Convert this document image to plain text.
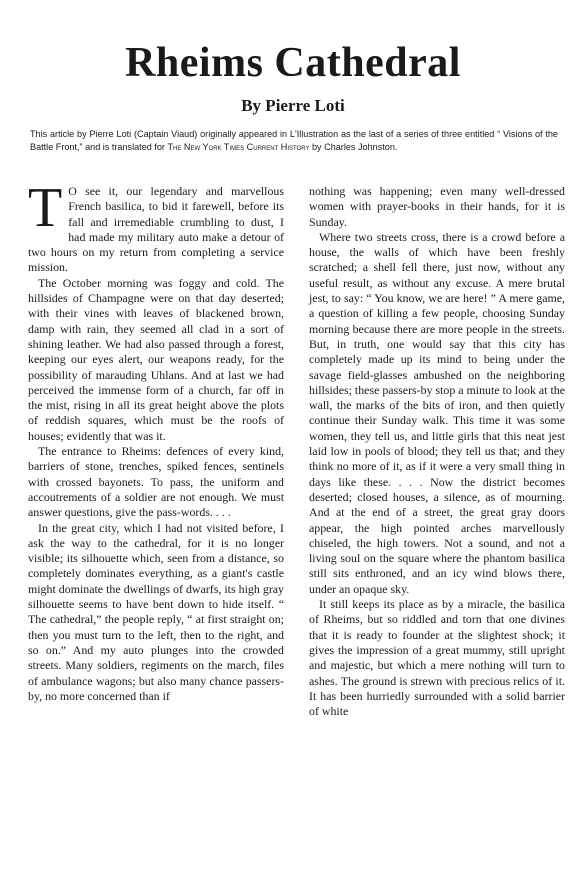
Rheims Cathedral
By Pierre Loti

This article by Pierre Loti (Captain Viaud) originally appeared in L'Illustration as the last of a series of three entitled “ Visions of the Battle Front,” and is translated for The New York Times Current History by Charles Johnston.

T O see it, our legendary and marvellous French basilica, to bid it farewell, before its fall and irremediable crumbling to dust, I had made my military auto make a detour of two hours on my return from completing a service mission.

The October morning was foggy and cold. The hillsides of Champagne were on that day deserted; with their vines with leaves of blackened brown, damp with rain, they seemed all clad in a sort of shining leather. We had also passed through a forest, keeping our eyes alert, our weapons ready, for the possibility of marauding Uhlans. And at last we had perceived the immense form of a church, far off in the mist, rising in all its great height above the plots of reddish squares, which must be the roofs of houses; evidently that was it.

The entrance to Rheims: defences of every kind, barriers of stone, trenches, spiked fences, sentinels with crossed bayonets. To pass, the uniform and accoutrements of a soldier are not enough. We must answer questions, give the pass-words. . . .

In the great city, which I had not visited before, I ask the way to the cathedral, for it is no longer visible; its silhouette which, seen from a distance, so completely dominates everything, as a giant's castle might dominate the dwellings of dwarfs, its high gray silhouette seems to have bent down to hide itself. “ The cathedral,” the people reply, “ at first straight on; then you must turn to the left, then to the right, and so on.” And my auto plunges into the crowded streets. Many soldiers, regiments on the march, files of ambulance wagons; but also many chance passers-by, no more concerned than if

nothing was happening; even many well-dressed women with prayer-books in their hands, for it is Sunday.

Where two streets cross, there is a crowd before a house, the walls of which have been freshly scratched; a shell fell there, just now, without any useful result, as without any excuse. A mere brutal jest, to say: “ You know, we are here! ” A mere game, a question of killing a few people, choosing Sunday morning because there are more people in the streets. But, in truth, one would say that this city has completely made up its mind to being under the savage field-glasses ambushed on the neighboring hillsides; these passers-by stop a minute to look at the wall, the marks of the bits of iron, and then quietly continue their Sunday walk. This time it was some women, they tell us, and little girls that this neat jest laid low in pools of blood; they tell us that; and they think no more of it, as if it were a very small thing in days like these. . . . Now the district becomes deserted; closed houses, a silence, as of mourning. And at the end of a street, the great gray doors appear, the high pointed arches marvellously chiseled, the high towers. Not a sound, and not a living soul on the square where the phantom basilica still sits enthroned, and an icy wind blows there, under an opaque sky.

It still keeps its place as by a miracle, the basilica of Rheims, but so riddled and torn that one divines that it is ready to founder at the slightest shock; it gives the impression of a great mummy, still upright and majestic, but which a mere nothing will turn to ashes. The ground is strewn with precious relics of it. It has been hurriedly surrounded with a solid barrier of white
